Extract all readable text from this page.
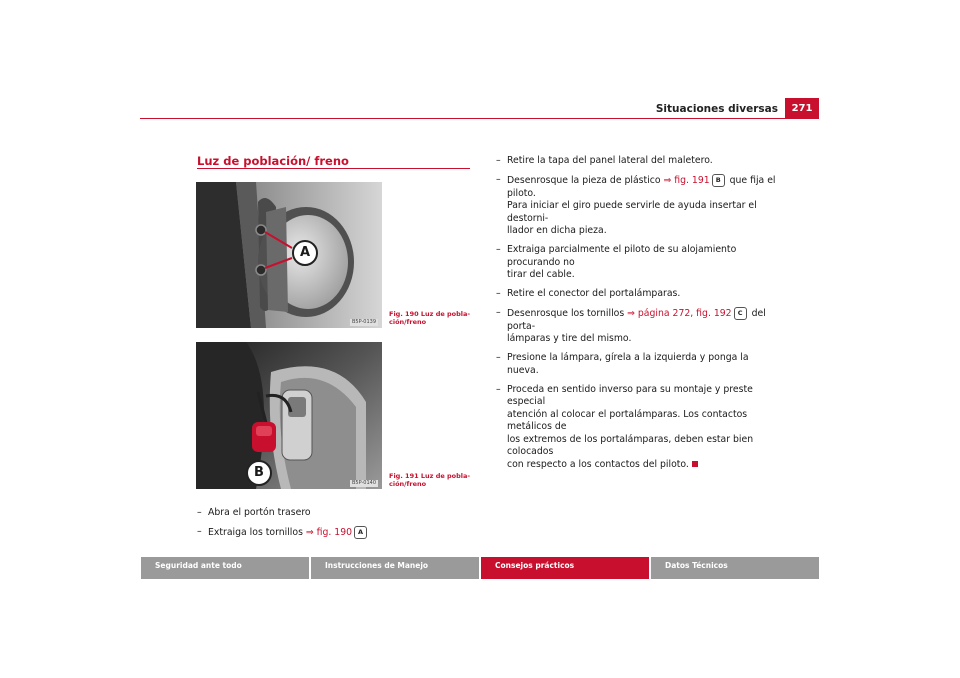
Situaciones diversas	271
Luz de población/ freno
A
B5P-0139
Fig. 190 Luz de pobla-
ción/freno
B
B5P-0140
Fig. 191 Luz de pobla-
ción/freno
– Abra el portón trasero
– Extraiga los tornillos ⇒ fig. 190 A
– Retire la tapa del panel lateral del maletero.
– Desenrosque la pieza de plástico ⇒ fig. 191 B que fija el piloto.
Para iniciar el giro puede servirle de ayuda insertar el destorni-
llador en dicha pieza.
– Extraiga parcialmente el piloto de su alojamiento procurando no
tirar del cable.
– Retire el conector del portalámparas.
– Desenrosque los tornillos ⇒ página 272, fig. 192 C del porta-
lámparas y tire del mismo.
– Presione la lámpara, gírela a la izquierda y ponga la nueva.
– Proceda en sentido inverso para su montaje y preste especial
atención al colocar el portalámparas. Los contactos metálicos de
los extremos de los portalámparas, deben estar bien colocados
con respecto a los contactos del piloto.
Seguridad ante todo	Instrucciones de Manejo	Consejos prácticos	Datos Técnicos
